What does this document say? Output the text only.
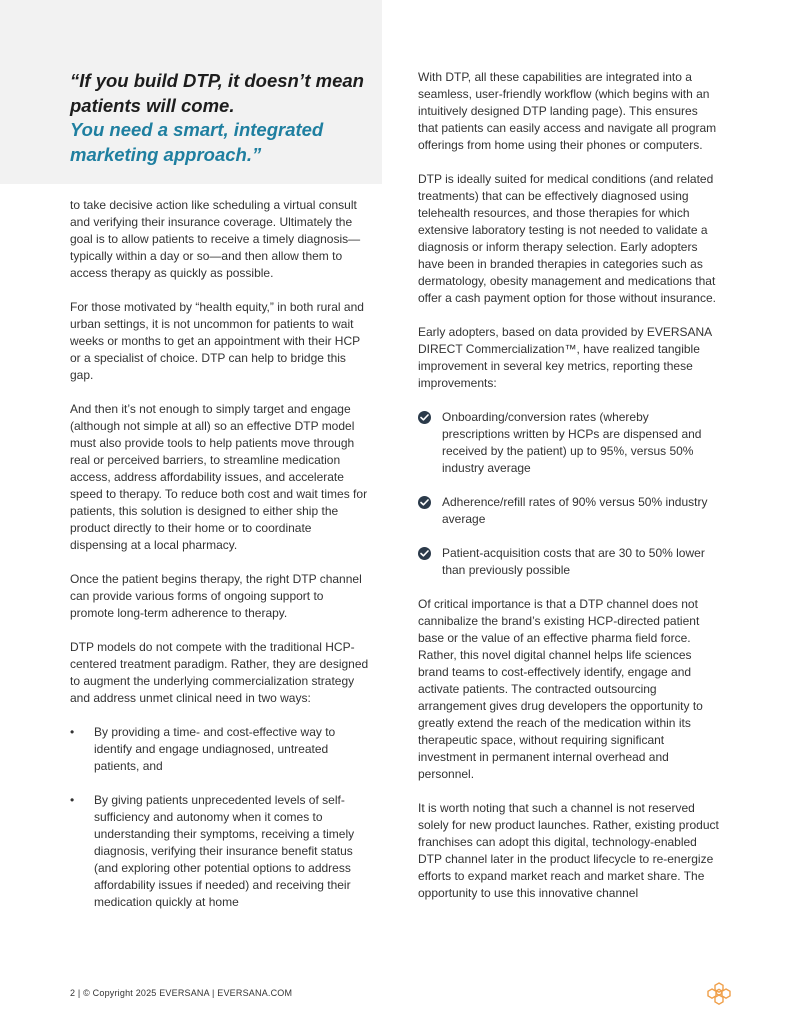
“If you build DTP, it doesn’t mean patients will come.
You need a smart, integrated marketing approach.”

to take decisive action like scheduling a virtual consult and verifying their insurance coverage. Ultimately the goal is to allow patients to receive a timely diagnosis—typically within a day or so—and then allow them to access therapy as quickly as possible.

For those motivated by “health equity,” in both rural and urban settings, it is not uncommon for patients to wait weeks or months to get an appointment with their HCP or a specialist of choice. DTP can help to bridge this gap.

And then it’s not enough to simply target and engage (although not simple at all) so an effective DTP model must also provide tools to help patients move through real or perceived barriers, to streamline medication access, address affordability issues, and accelerate speed to therapy. To reduce both cost and wait times for patients, this solution is designed to either ship the product directly to their home or to coordinate dispensing at a local pharmacy.

Once the patient begins therapy, the right DTP channel can provide various forms of ongoing support to promote long-term adherence to therapy.

DTP models do not compete with the traditional HCP-centered treatment paradigm. Rather, they are designed to augment the underlying commercialization strategy and address unmet clinical need in two ways:

•	By providing a time- and cost-effective way to identify and engage undiagnosed, untreated patients, and
•	By giving patients unprecedented levels of self-sufficiency and autonomy when it comes to understanding their symptoms, receiving a timely diagnosis, verifying their insurance benefit status (and exploring other potential options to address affordability issues if needed) and receiving their medication quickly at home

With DTP, all these capabilities are integrated into a seamless, user-friendly workflow (which begins with an intuitively designed DTP landing page). This ensures that patients can easily access and navigate all program offerings from home using their phones or computers.

DTP is ideally suited for medical conditions (and related treatments) that can be effectively diagnosed using telehealth resources, and those therapies for which extensive laboratory testing is not needed to validate a diagnosis or inform therapy selection. Early adopters have been in branded therapies in categories such as dermatology, obesity management and medications that offer a cash payment option for those without insurance.

Early adopters, based on data provided by EVERSANA DIRECT Commercialization™, have realized tangible improvement in several key metrics, reporting these improvements:

Onboarding/conversion rates (whereby prescriptions written by HCPs are dispensed and received by the patient) up to 95%, versus 50% industry average
Adherence/refill rates of 90% versus 50% industry average
Patient-acquisition costs that are 30 to 50% lower than previously possible

Of critical importance is that a DTP channel does not cannibalize the brand’s existing HCP-directed patient base or the value of an effective pharma field force. Rather, this novel digital channel helps life sciences brand teams to cost-effectively identify, engage and activate patients. The contracted outsourcing arrangement gives drug developers the opportunity to greatly extend the reach of the medication within its therapeutic space, without requiring significant investment in permanent internal overhead and personnel.

It is worth noting that such a channel is not reserved solely for new product launches. Rather, existing product franchises can adopt this digital, technology-enabled DTP channel later in the product lifecycle to re-energize efforts to expand market reach and market share. The opportunity to use this innovative channel

2 | © Copyright 2025 EVERSANA | EVERSANA.COM
